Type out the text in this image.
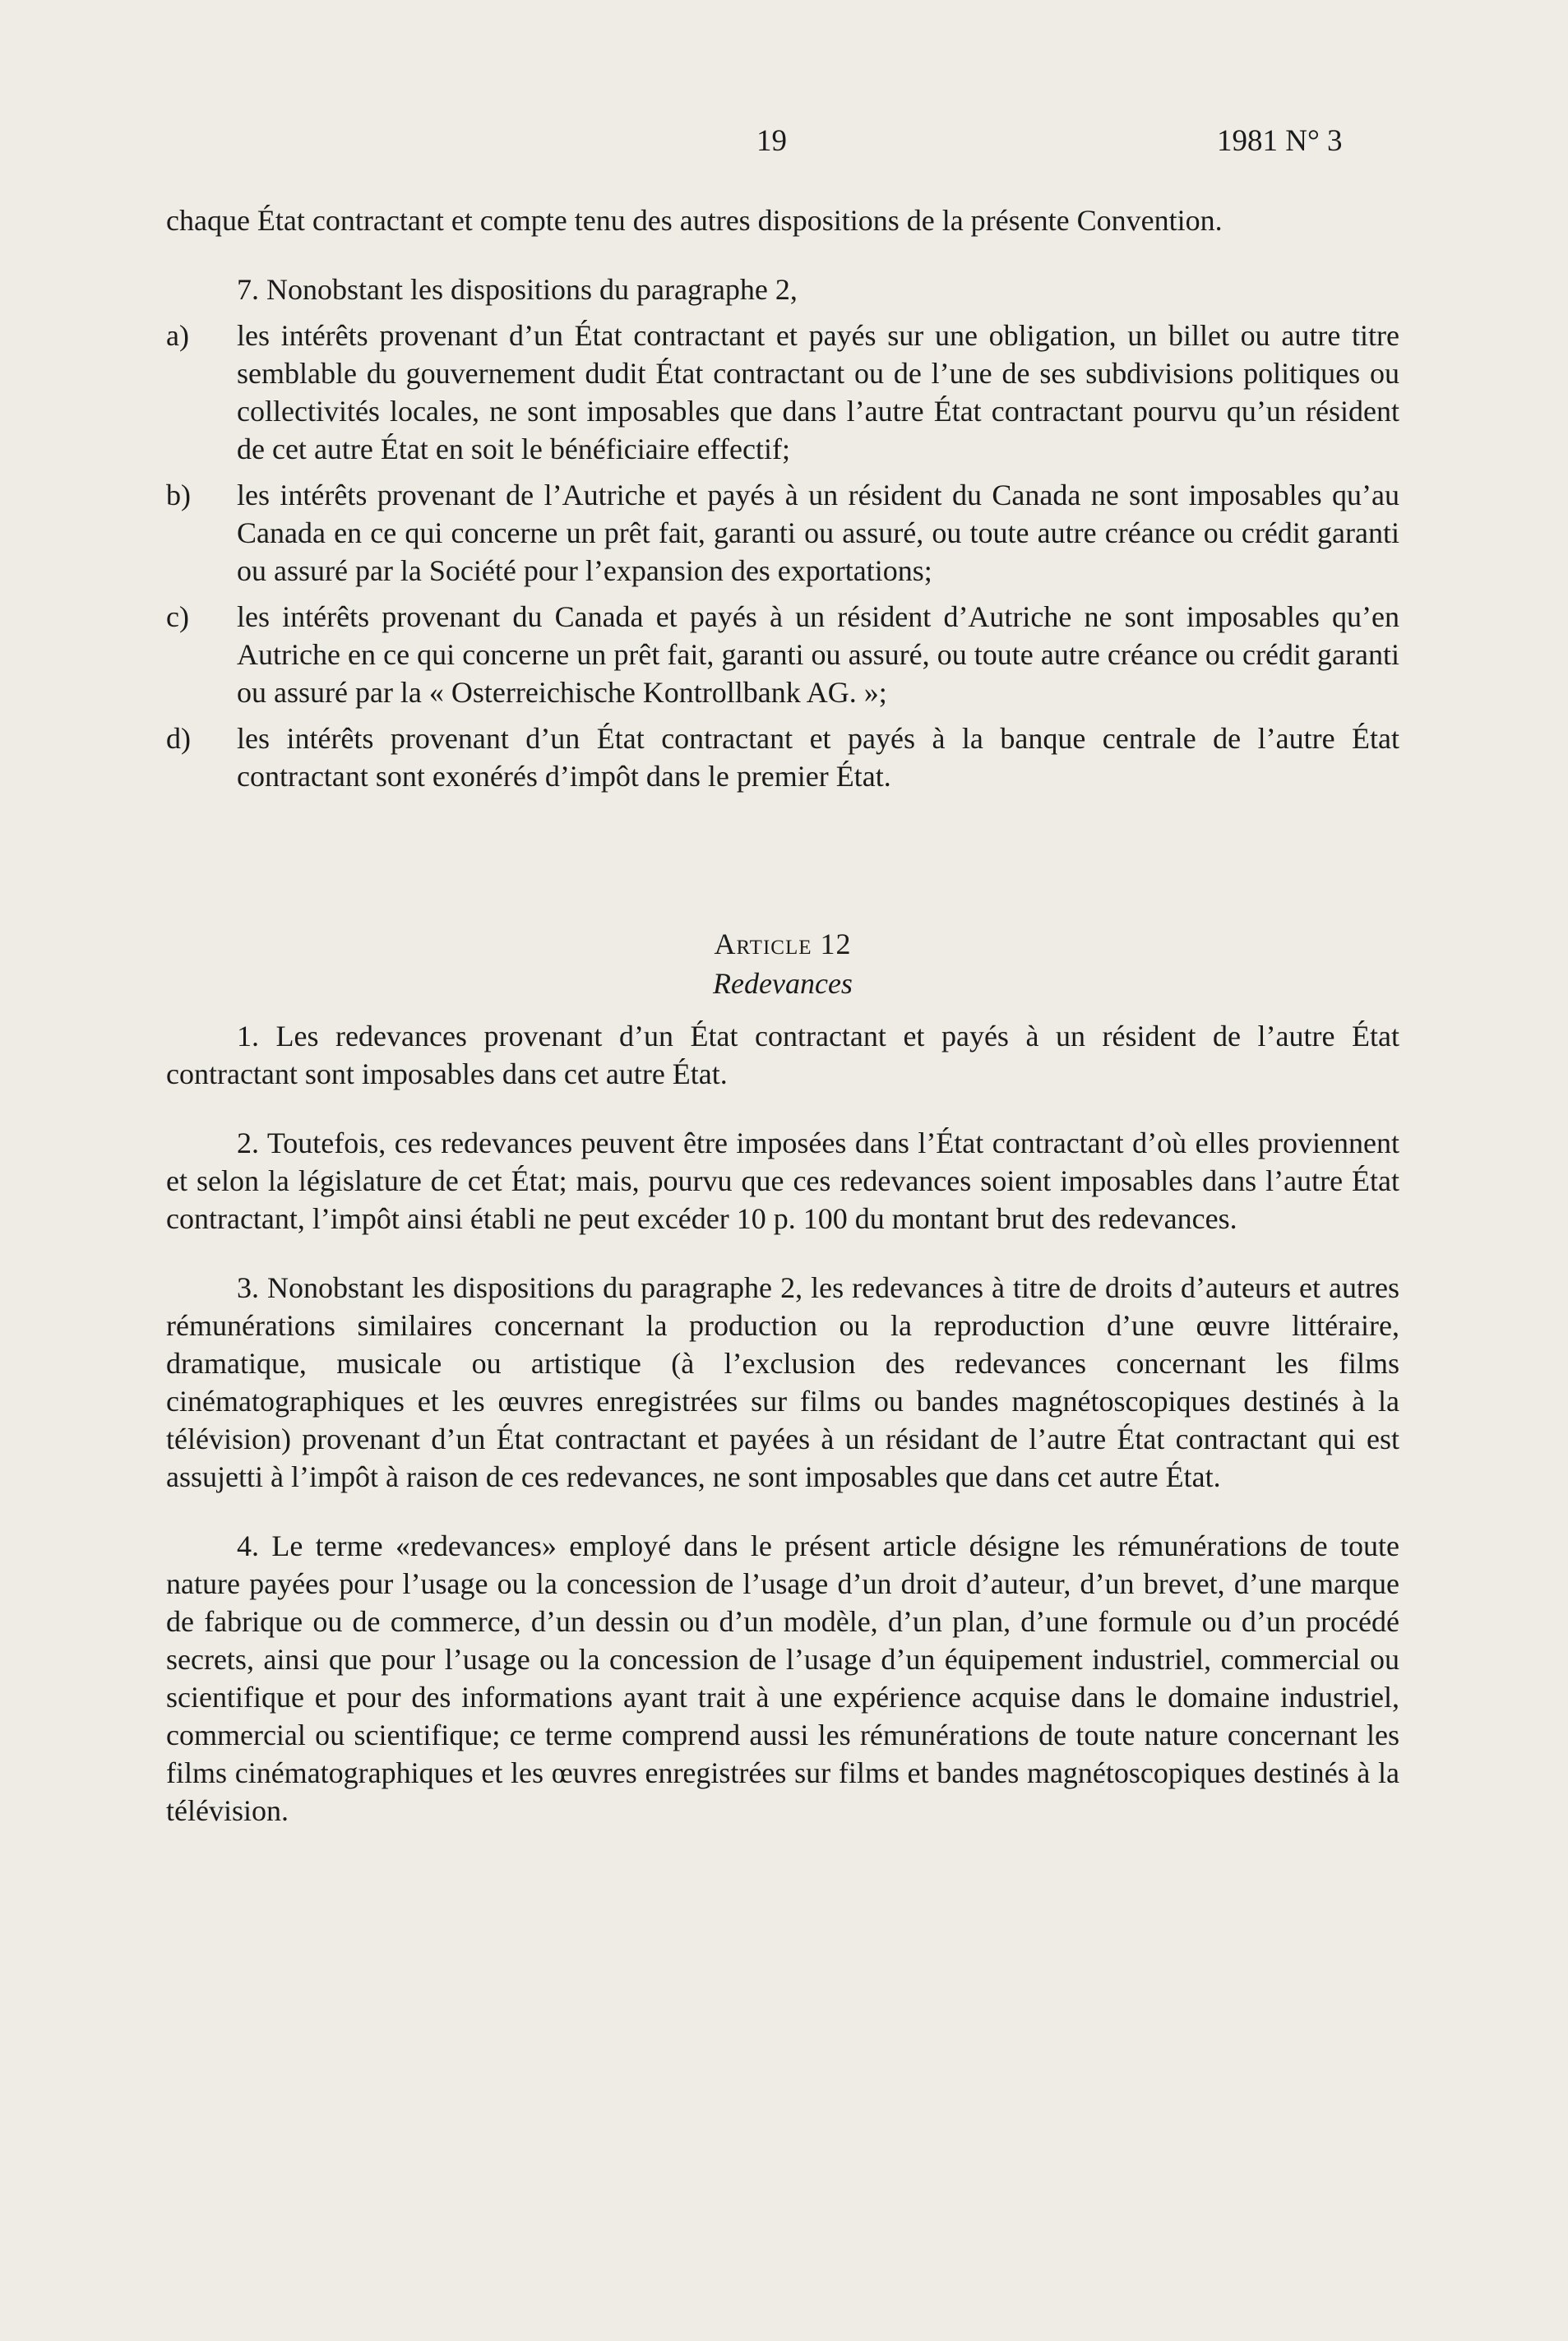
19	1981 N° 3

chaque État contractant et compte tenu des autres dispositions de la présente Convention.

7. Nonobstant les dispositions du paragraphe 2,

a)	les intérêts provenant d’un État contractant et payés sur une obligation, un billet ou autre titre semblable du gouvernement dudit État contractant ou de l’une de ses subdivisions politiques ou collectivités locales, ne sont imposables que dans l’autre État contractant pourvu qu’un résident de cet autre État en soit le bénéficiaire effectif;
b)	les intérêts provenant de l’Autriche et payés à un résident du Canada ne sont imposables qu’au Canada en ce qui concerne un prêt fait, garanti ou assuré, ou toute autre créance ou crédit garanti ou assuré par la Société pour l’expansion des exportations;
c)	les intérêts provenant du Canada et payés à un résident d’Autriche ne sont imposables qu’en Autriche en ce qui concerne un prêt fait, garanti ou assuré, ou toute autre créance ou crédit garanti ou assuré par la « Osterreichische Kontrollbank AG. »;
d)	les intérêts provenant d’un État contractant et payés à la banque centrale de l’autre État contractant sont exonérés d’impôt dans le premier État.

Article 12

Redevances

1. Les redevances provenant d’un État contractant et payés à un résident de l’autre État contractant sont imposables dans cet autre État.

2. Toutefois, ces redevances peuvent être imposées dans l’État contractant d’où elles proviennent et selon la législature de cet État; mais, pourvu que ces redevances soient imposables dans l’autre État contractant, l’impôt ainsi établi ne peut excéder 10 p. 100 du montant brut des redevances.

3. Nonobstant les dispositions du paragraphe 2, les redevances à titre de droits d’auteurs et autres rémunérations similaires concernant la production ou la reproduction d’une œuvre littéraire, dramatique, musicale ou artistique (à l’exclusion des redevances concernant les films cinématographiques et les œuvres enregistrées sur films ou bandes magnétoscopiques destinés à la télévision) provenant d’un État contractant et payées à un résidant de l’autre État contractant qui est assujetti à l’impôt à raison de ces redevances, ne sont imposables que dans cet autre État.

4. Le terme «redevances» employé dans le présent article désigne les rémunérations de toute nature payées pour l’usage ou la concession de l’usage d’un droit d’auteur, d’un brevet, d’une marque de fabrique ou de commerce, d’un dessin ou d’un modèle, d’un plan, d’une formule ou d’un procédé secrets, ainsi que pour l’usage ou la concession de l’usage d’un équipement industriel, commercial ou scientifique et pour des informations ayant trait à une expérience acquise dans le domaine industriel, commercial ou scientifique; ce terme comprend aussi les rémunérations de toute nature concernant les films cinématographiques et les œuvres enregistrées sur films et bandes magnétoscopiques destinés à la télévision.
